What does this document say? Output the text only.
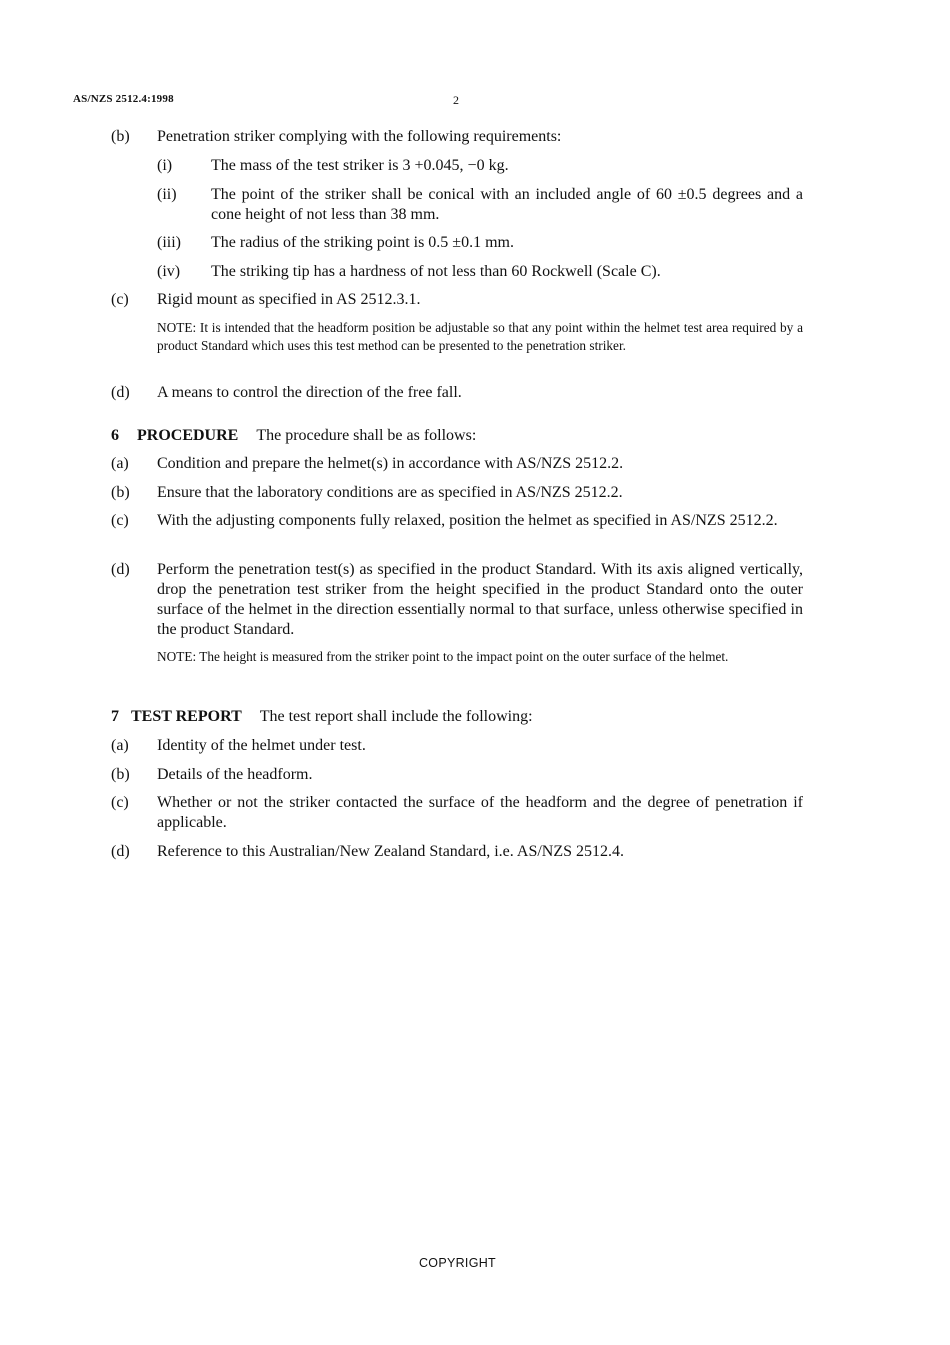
AS/NZS 2512.4:1998	2
(b) Penetration striker complying with the following requirements:
(i) The mass of the test striker is 3 +0.045, −0 kg.
(ii) The point of the striker shall be conical with an included angle of 60 ±0.5 degrees and a cone height of not less than 38 mm.
(iii) The radius of the striking point is 0.5 ±0.1 mm.
(iv) The striking tip has a hardness of not less than 60 Rockwell (Scale C).
(c) Rigid mount as specified in AS 2512.3.1.
NOTE: It is intended that the headform position be adjustable so that any point within the helmet test area required by a product Standard which uses this test method can be presented to the penetration striker.
(d) A means to control the direction of the free fall.
6 PROCEDURE The procedure shall be as follows:
(a) Condition and prepare the helmet(s) in accordance with AS/NZS 2512.2.
(b) Ensure that the laboratory conditions are as specified in AS/NZS 2512.2.
(c) With the adjusting components fully relaxed, position the helmet as specified in AS/NZS 2512.2.
(d) Perform the penetration test(s) as specified in the product Standard. With its axis aligned vertically, drop the penetration test striker from the height specified in the product Standard onto the outer surface of the helmet in the direction essentially normal to that surface, unless otherwise specified in the product Standard.
NOTE: The height is measured from the striker point to the impact point on the outer surface of the helmet.
7 TEST REPORT The test report shall include the following:
(a) Identity of the helmet under test.
(b) Details of the headform.
(c) Whether or not the striker contacted the surface of the headform and the degree of penetration if applicable.
(d) Reference to this Australian/New Zealand Standard, i.e. AS/NZS 2512.4.
COPYRIGHT
